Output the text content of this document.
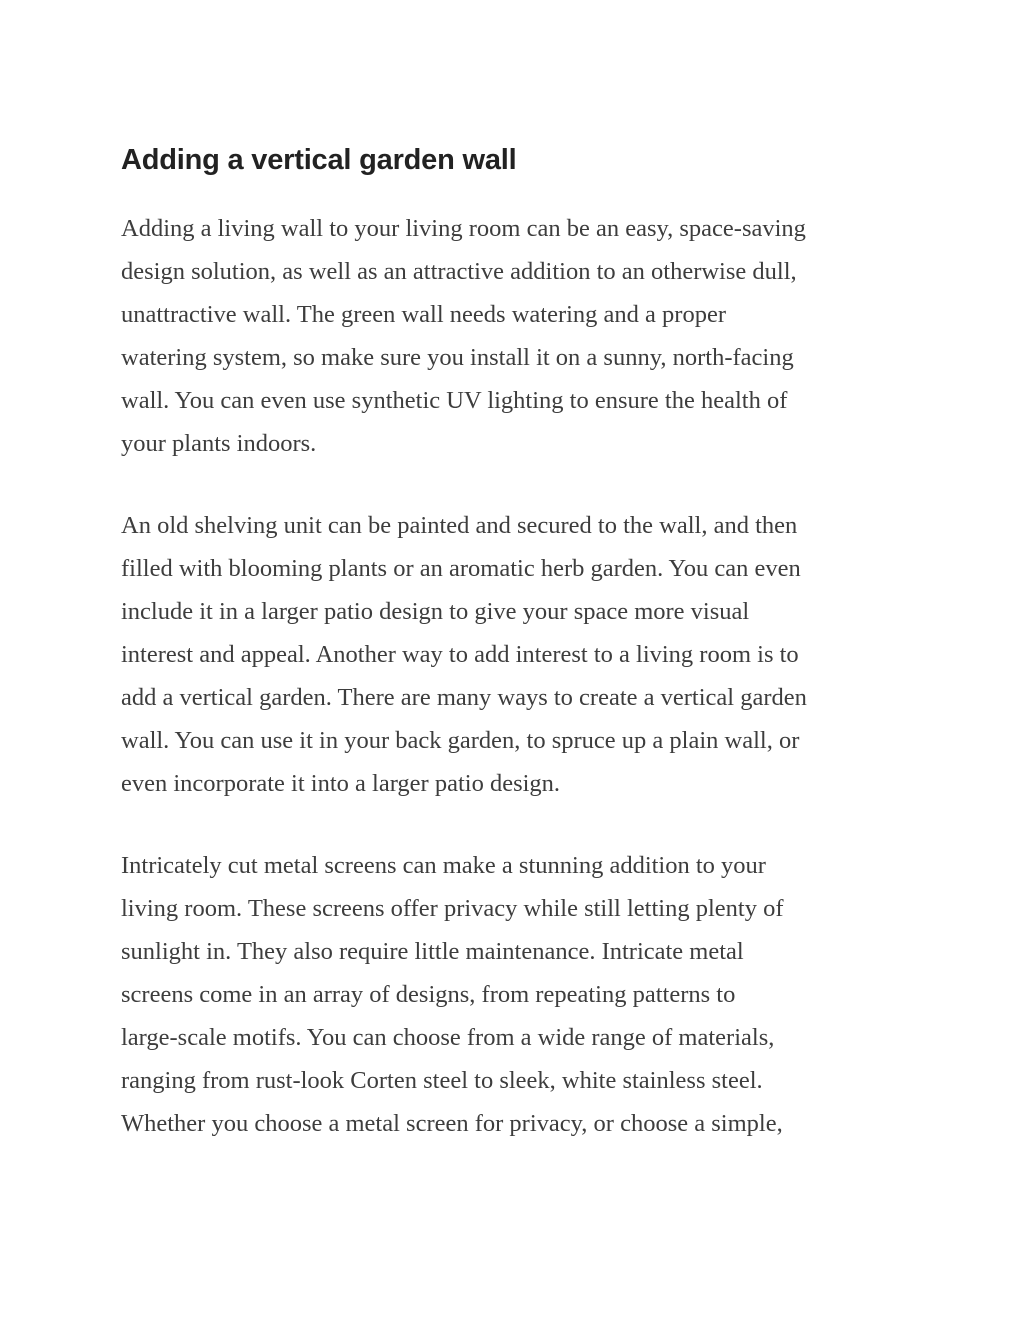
Adding a vertical garden wall

Adding a living wall to your living room can be an easy, space-saving
design solution, as well as an attractive addition to an otherwise dull,
unattractive wall. The green wall needs watering and a proper
watering system, so make sure you install it on a sunny, north-facing
wall. You can even use synthetic UV lighting to ensure the health of
your plants indoors.

An old shelving unit can be painted and secured to the wall, and then
filled with blooming plants or an aromatic herb garden. You can even
include it in a larger patio design to give your space more visual
interest and appeal. Another way to add interest to a living room is to
add a vertical garden. There are many ways to create a vertical garden
wall. You can use it in your back garden, to spruce up a plain wall, or
even incorporate it into a larger patio design.

Intricately cut metal screens can make a stunning addition to your
living room. These screens offer privacy while still letting plenty of
sunlight in. They also require little maintenance. Intricate metal
screens come in an array of designs, from repeating patterns to
large-scale motifs. You can choose from a wide range of materials,
ranging from rust-look Corten steel to sleek, white stainless steel.
Whether you choose a metal screen for privacy, or choose a simple,
